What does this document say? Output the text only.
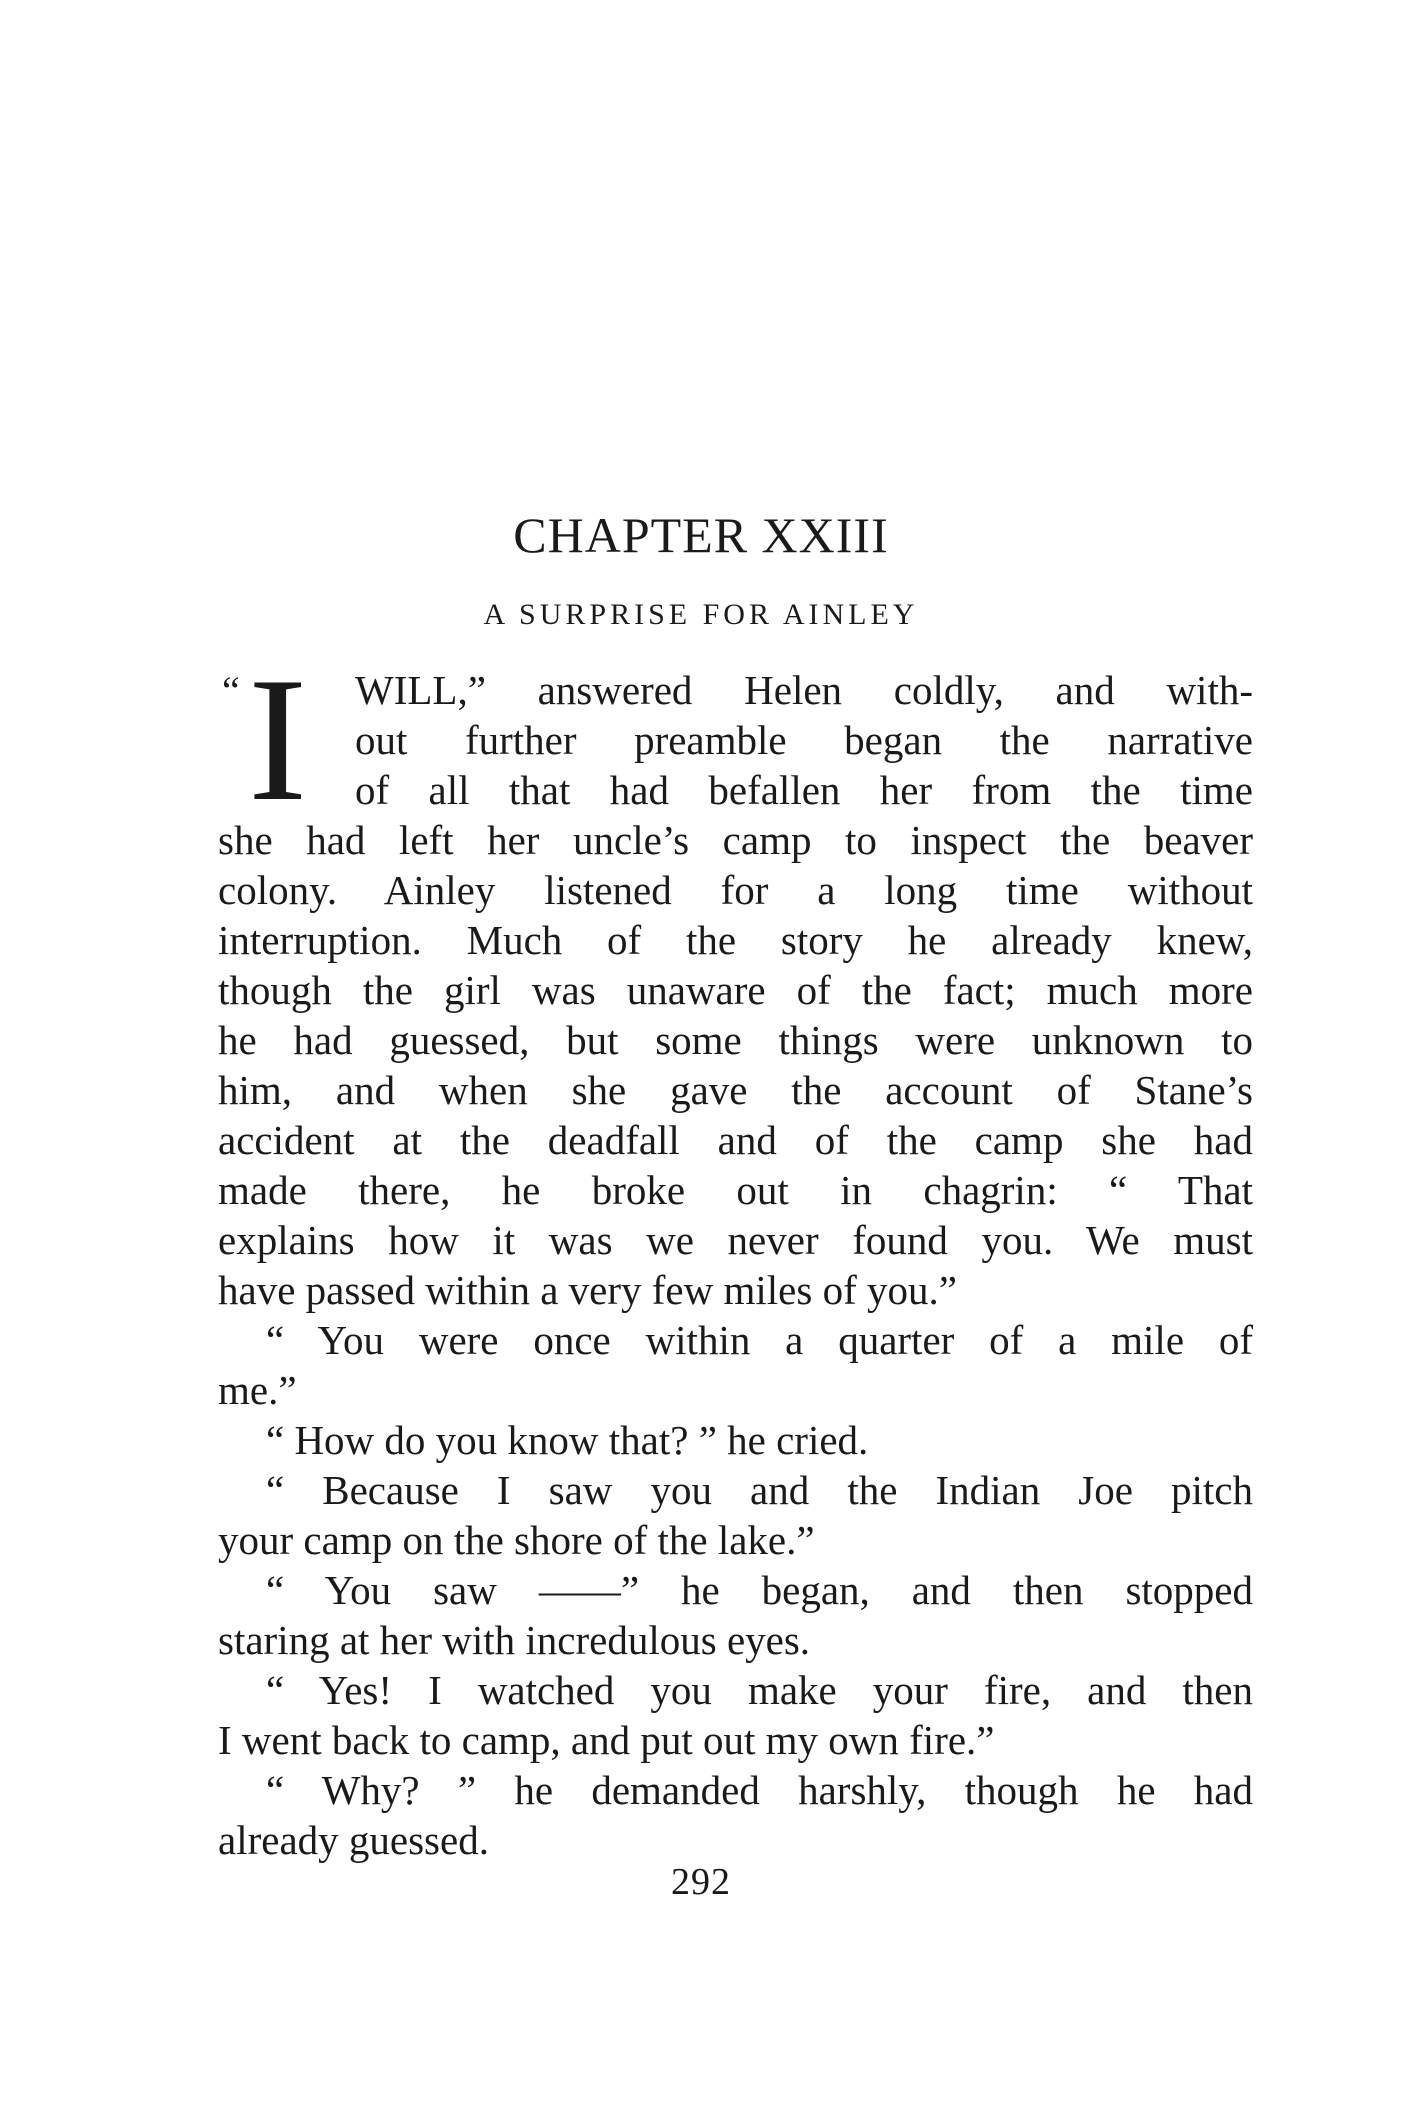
CHAPTER XXIII
A SURPRISE FOR AINLEY
“ I	WILL,” answered Helen coldly, and with-
out further preamble began the narrative
of all that had befallen her from the time
she had left her uncle’s camp to inspect the beaver
colony. Ainley listened for a long time without
interruption. Much of the story he already knew,
though the girl was unaware of the fact; much more
he had guessed, but some things were unknown to
him, and when she gave the account of Stane’s
accident at the deadfall and of the camp she had
made there, he broke out in chagrin: “ That
explains how it was we never found you. We must
have passed within a very few miles of you.”
“ You were once within a quarter of a mile of
me.”
“ How do you know that? ” he cried.
“ Because I saw you and the Indian Joe pitch
your camp on the shore of the lake.”
“ You saw ——” he began, and then stopped
staring at her with incredulous eyes.
“ Yes! I watched you make your fire, and then
I went back to camp, and put out my own fire.”
“ Why? ” he demanded harshly, though he had
already guessed.
292
